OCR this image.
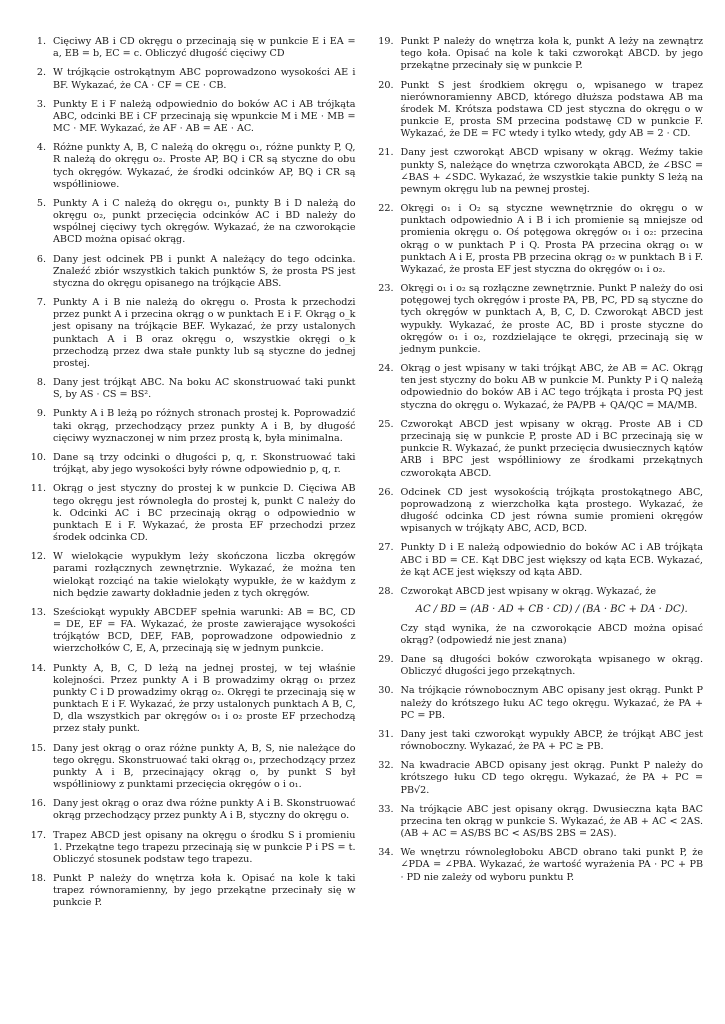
1. Cięciwy AB i CD okręgu o przecinają się w punkcie E i EA = a, EB = b, EC = c. Obliczyć długość cięciwy CD
2. W trójkącie ostrokątnym ABC poprowadzono wysokości AE i BF. Wykazać, że CA · CF = CE · CB.
3. Punkty E i F należą odpowiednio do boków AC i AB trójkąta ABC, odcinki BE i CF przecinają się wpunkcie M i ME · MB = MC · MF. Wykazać, że AF · AB = AE · AC.
4. Różne punkty A, B, C należą do okręgu o₁, różne punkty P, Q, R należą do okręgu o₂. Proste AP, BQ i CR są styczne do obu tych okręgów. Wykazać, że środki odcinków AP, BQ i CR są współliniowe.
5. Punkty A i C należą do okręgu o₁, punkty B i D należą do okręgu o₂, punkt przecięcia odcinków AC i BD należy do wspólnej cięciwy tych okręgów. Wykazać, że na czworokącie ABCD można opisać okrąg.
6. Dany jest odcinek PB i punkt A należący do tego odcinka. Znaleźć zbiór wszystkich takich punktów S, że prosta PS jest styczna do okręgu opisanego na trójkącie ABS.
7. Punkty A i B nie należą do okręgu o. Prosta k przechodzi przez punkt A i przecina okrąg o w punktach E i F. Okrąg o_k jest opisany na trójkącie BEF. Wykazać, że przy ustalonych punktach A i B oraz okręgu o, wszystkie okręgi o_k przechodzą przez dwa stałe punkty lub są styczne do jednej prostej.
8. Dany jest trójkąt ABC. Na boku AC skonstruować taki punkt S, by AS · CS = BS².
9. Punkty A i B leżą po różnych stronach prostej k. Poprowadzić taki okrąg, przechodzący przez punkty A i B, by długość cięciwy wyznaczonej w nim przez prostą k, była minimalna.
10. Dane są trzy odcinki o długości p, q, r. Skonstruować taki trójkąt, aby jego wysokości były równe odpowiednio p, q, r.
11. Okrąg o jest styczny do prostej k w punkcie D. Cięciwa AB tego okręgu jest równoległa do prostej k, punkt C należy do k. Odcinki AC i BC przecinają okrąg o odpowiednio w punktach E i F. Wykazać, że prosta EF przechodzi przez środek odcinka CD.
12. W wielokącie wypukłym leży skończona liczba okręgów parami rozłącznych zewnętrznie. Wykazać, że można ten wielokąt rozciąć na takie wielokąty wypukłe, że w każdym z nich będzie zawarty dokładnie jeden z tych okręgów.
13. Sześciokąt wypukły ABCDEF spełnia warunki: AB = BC, CD = DE, EF = FA. Wykazać, że proste zawierające wysokości trójkątów BCD, DEF, FAB, poprowadzone odpowiednio z wierzchołków C, E, A, przecinają się w jednym punkcie.
14. Punkty A, B, C, D leżą na jednej prostej, w tej właśnie kolejności. Przez punkty A i B prowadzimy okrąg o₁ przez punkty C i D prowadzimy okrąg o₂. Okręgi te przecinają się w punktach E i F. Wykazać, że przy ustalonych punktach A B, C, D, dla wszystkich par okręgów o₁ i o₂ proste EF przechodzą przez stały punkt.
15. Dany jest okrąg o oraz różne punkty A, B, S, nie należące do tego okręgu. Skonstruować taki okrąg o₁, przechodzący przez punkty A i B, przecinający okrąg o, by punkt S był współliniowy z punktami przecięcia okręgów o i o₁.
16. Dany jest okrąg o oraz dwa różne punkty A i B. Skonstruować okrąg przechodzący przez punkty A i B, styczny do okręgu o.
17. Trapez ABCD jest opisany na okręgu o środku S i promieniu 1. Przekątne tego trapezu przecinają się w punkcie P i PS = t. Obliczyć stosunek podstaw tego trapezu.
18. Punkt P należy do wnętrza koła k. Opisać na kole k taki trapez równoramienny, by jego przekątne przecinały się w punkcie P.
19. Punkt P należy do wnętrza koła k, punkt A leży na zewnątrz tego koła. Opisać na kole k taki czworokąt ABCD. by jego przekątne przecinały się w punkcie P.
20. Punkt S jest środkiem okręgu o, wpisanego w trapez nierównoramienny ABCD, którego dłuższa podstawa AB ma środek M. Krótsza podstawa CD jest styczna do okręgu o w punkcie E, prosta SM przecina podstawę CD w punkcie F. Wykazać, że DE = FC wtedy i tylko wtedy, gdy AB = 2 · CD.
21. Dany jest czworokąt ABCD wpisany w okrąg. Weźmy takie punkty S, należące do wnętrza czworokąta ABCD, że ∠BSC = ∠BAS + ∠SDC. Wykazać, że wszystkie takie punkty S leżą na pewnym okręgu lub na pewnej prostej.
22. Okręgi o₁ i O₂ są styczne wewnętrznie do okręgu o w punktach odpowiednio A i B i ich promienie są mniejsze od promienia okręgu o. Oś potęgowa okręgów o₁ i o₂: przecina okrąg o w punktach P i Q. Prosta PA przecina okrąg o₁ w punktach A i E, prosta PB przecina okrąg o₂ w punktach B i F. Wykazać, że prosta EF jest styczna do okręgów o₁ i o₂.
23. Okręgi o₁ i o₂ są rozłączne zewnętrznie. Punkt P należy do osi potęgowej tych okręgów i proste PA, PB, PC, PD są styczne do tych okręgów w punktach A, B, C, D. Czworokąt ABCD jest wypukły. Wykazać, że proste AC, BD i proste styczne do okręgów o₁ i o₂, rozdzielające te okręgi, przecinają się w jednym punkcie.
24. Okrąg o jest wpisany w taki trójkąt ABC, że AB = AC. Okrąg ten jest styczny do boku AB w punkcie M. Punkty P i Q należą odpowiednio do boków AB i AC tego trójkąta i prosta PQ jest styczna do okręgu o. Wykazać, że PA/PB + QA/QC = MA/MB.
25. Czworokąt ABCD jest wpisany w okrąg. Proste AB i CD przecinają się w punkcie P, proste AD i BC przecinają się w punkcie R. Wykazać, że punkt przecięcia dwusiecznych kątów ARB i BPC jest współliniowy ze środkami przekątnych czworokąta ABCD.
26. Odcinek CD jest wysokością trójkąta prostokątnego ABC, poprowadzoną z wierzchołka kąta prostego. Wykazać, że długość odcinka CD jest równa sumie promieni okręgów wpisanych w trójkąty ABC, ACD, BCD.
27. Punkty D i E należą odpowiednio do boków AC i AB trójkąta ABC i BD = CE. Kąt DBC jest większy od kąta ECB. Wykazać, że kąt ACE jest większy od kąta ABD.
28. Czworokąt ABCD jest wpisany w okrąg. Wykazać, że
AC / BD = (AB · AD + CB · CD) / (BA · BC + DA · DC).
Czy stąd wynika, że na czworokącie ABCD można opisać okrąg? (odpowiedź nie jest znana)
29. Dane są długości boków czworokąta wpisanego w okrąg. Obliczyć długości jego przekątnych.
30. Na trójkącie równobocznym ABC opisany jest okrąg. Punkt P należy do krótszego łuku AC tego okręgu. Wykazać, że PA + PC = PB.
31. Dany jest taki czworokąt wypukły ABCP, że trójkąt ABC jest równoboczny. Wykazać, że PA + PC ≥ PB.
32. Na kwadracie ABCD opisany jest okrąg. Punkt P należy do krótszego łuku CD tego okręgu. Wykazać, że PA + PC = PB√2.
33. Na trójkącie ABC jest opisany okrąg. Dwusieczna kąta BAC przecina ten okrąg w punkcie S. Wykazać, że AB + AC < 2AS. (AB + AC = AS/BS BC < AS/BS 2BS = 2AS).
34. We wnętrzu równoległobоku ABCD obrano taki punkt P, że ∠PDA = ∠PBA. Wykazać, że wartość wyrażenia PA · PC + PB · PD nie zależy od wyboru punktu P.
